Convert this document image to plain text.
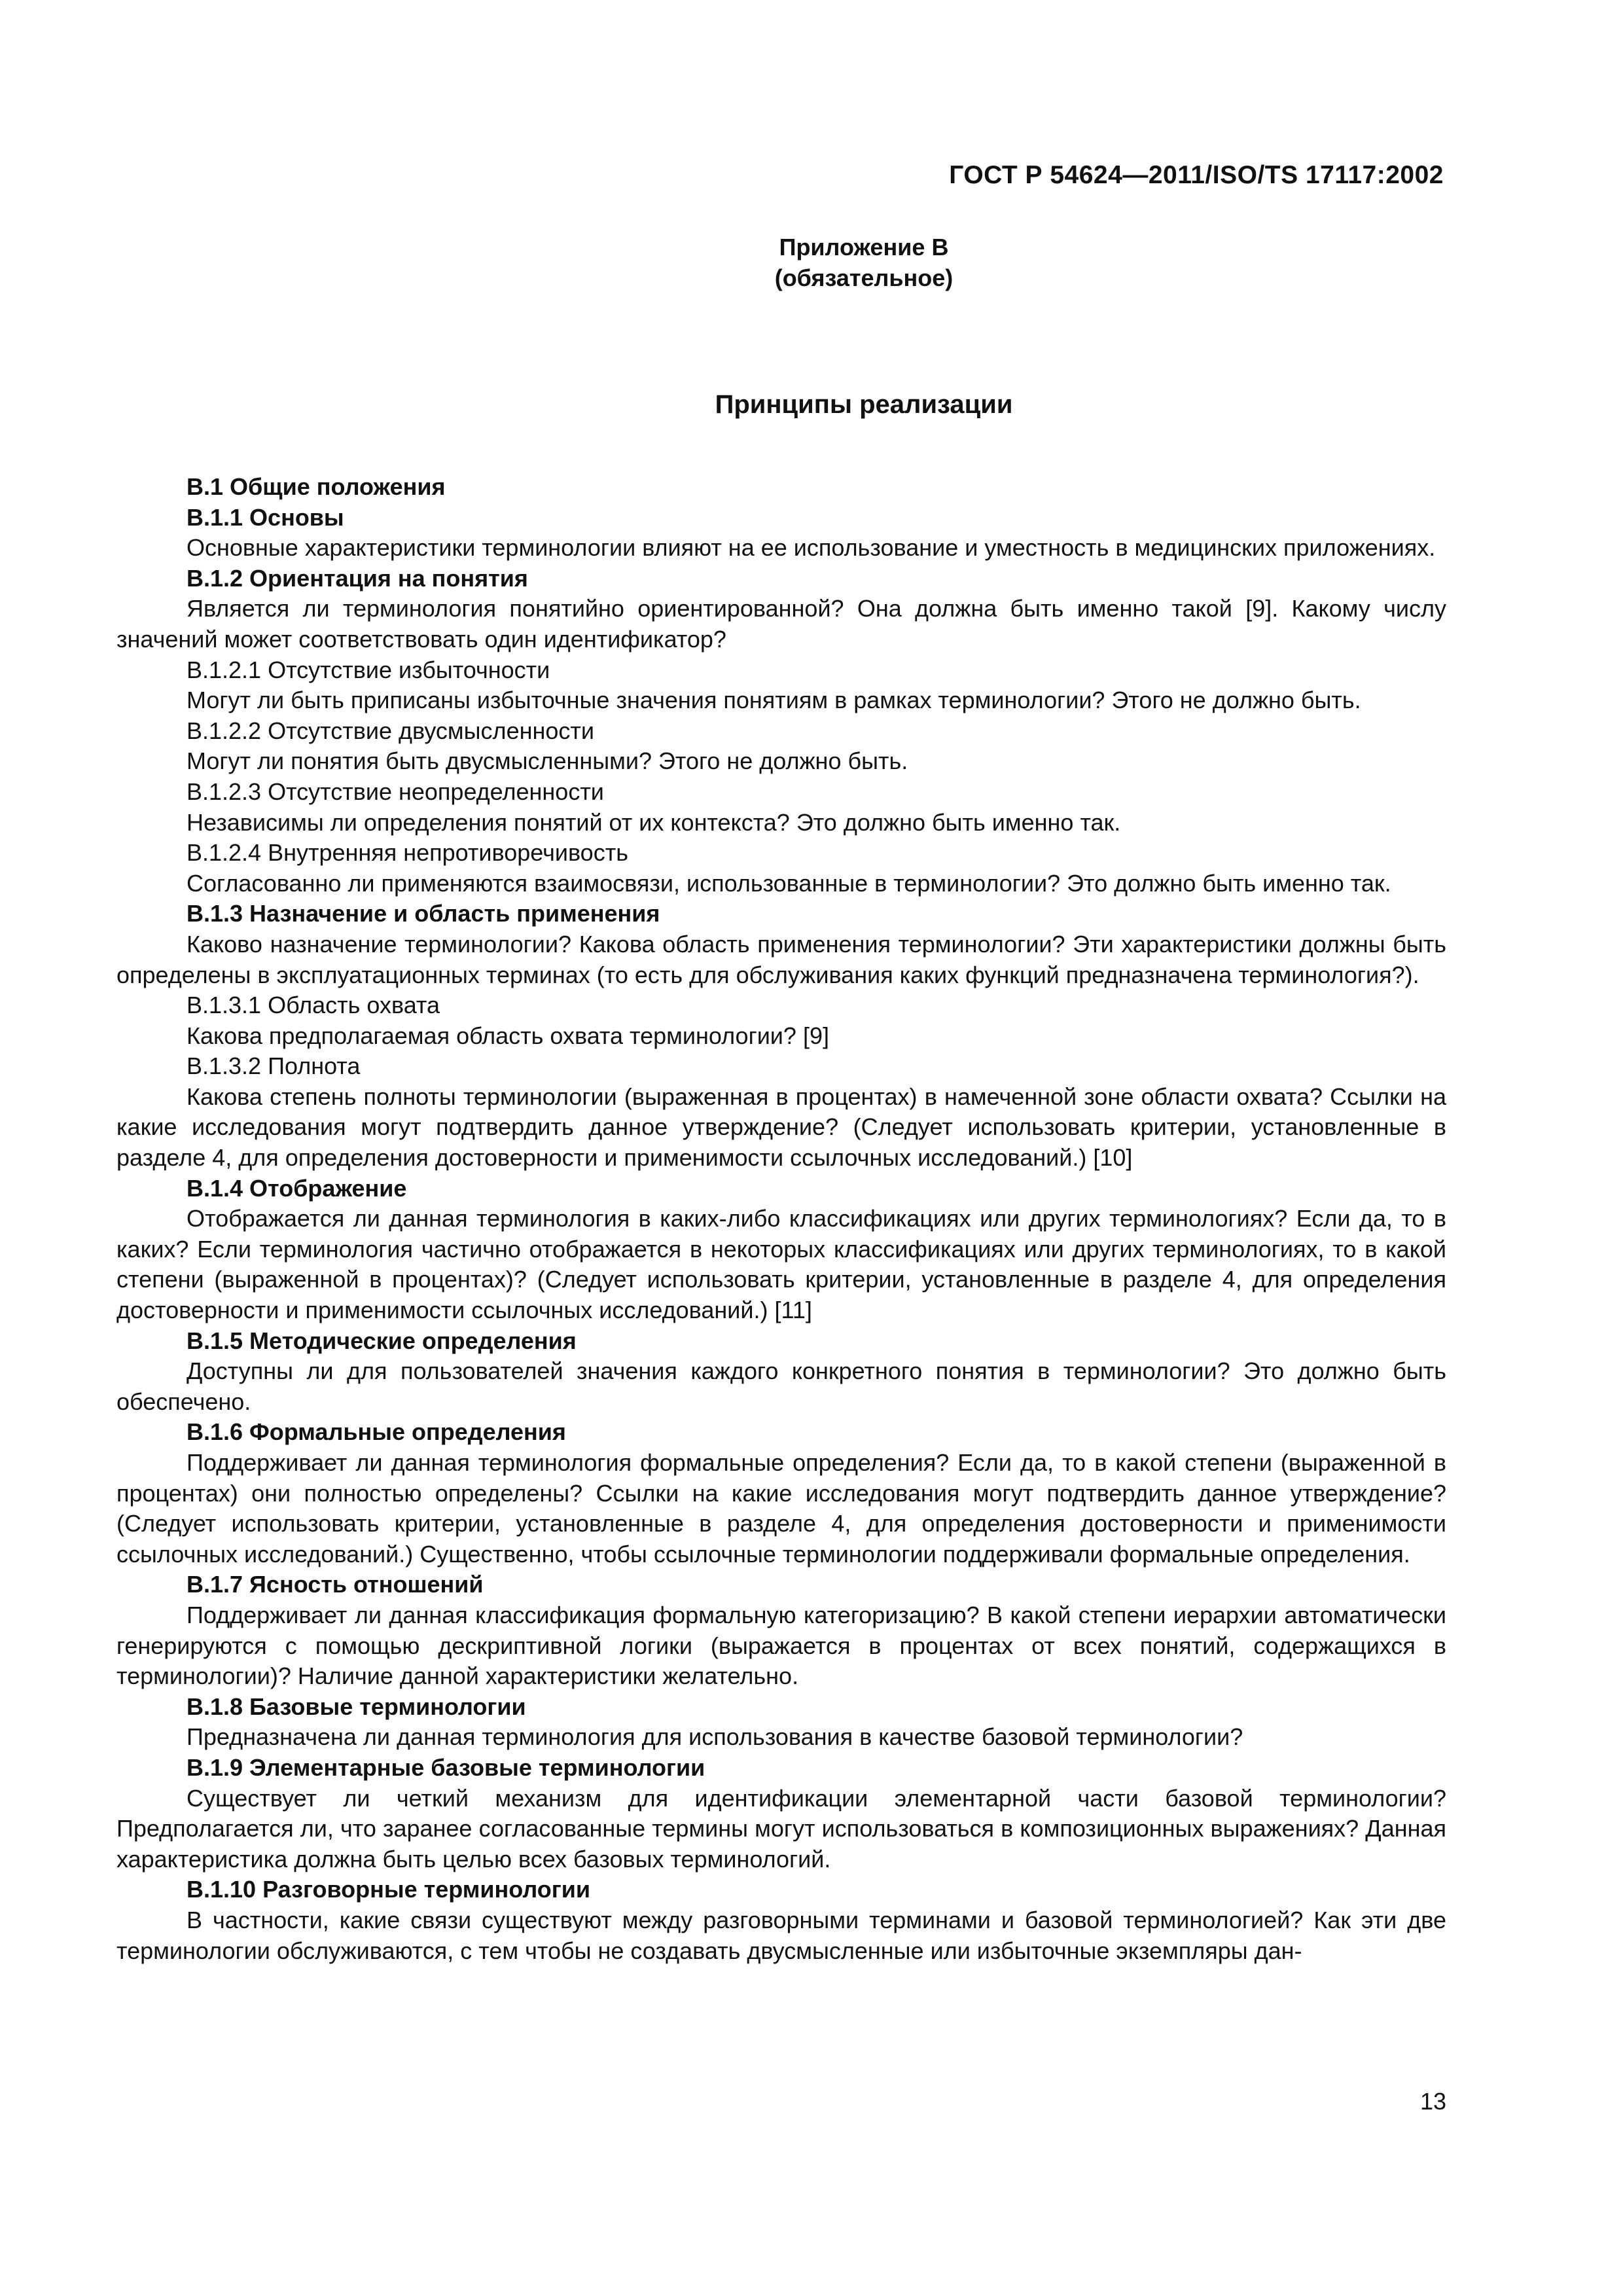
ГОСТ Р 54624—2011/ISO/TS 17117:2002
Приложение В
(обязательное)
Принципы реализации

В.1 Общие положения

В.1.1 Основы

Основные характеристики терминологии влияют на ее использование и уместность в медицинских приложениях.

В.1.2 Ориентация на понятия

Является ли терминология понятийно ориентированной? Она должна быть именно такой [9]. Какому числу значений может соответствовать один идентификатор?

В.1.2.1 Отсутствие избыточности

Могут ли быть приписаны избыточные значения понятиям в рамках терминологии? Этого не должно быть.

В.1.2.2 Отсутствие двусмысленности

Могут ли понятия быть двусмысленными? Этого не должно быть.

В.1.2.3 Отсутствие неопределенности

Независимы ли определения понятий от их контекста? Это должно быть именно так.

В.1.2.4 Внутренняя непротиворечивость

Согласованно ли применяются взаимосвязи, использованные в терминологии? Это должно быть именно так.

В.1.3 Назначение и область применения

Каково назначение терминологии? Какова область применения терминологии? Эти характеристики должны быть определены в эксплуатационных терминах (то есть для обслуживания каких функций предназначена терминология?).

В.1.3.1 Область охвата

Какова предполагаемая область охвата терминологии? [9]

В.1.3.2 Полнота

Какова степень полноты терминологии (выраженная в процентах) в намеченной зоне области охвата? Ссылки на какие исследования могут подтвердить данное утверждение? (Следует использовать критерии, установленные в разделе 4, для определения достоверности и применимости ссылочных исследований.) [10]

В.1.4 Отображение

Отображается ли данная терминология в каких-либо классификациях или других терминологиях? Если да, то в каких? Если терминология частично отображается в некоторых классификациях или других терминологиях, то в какой степени (выраженной в процентах)? (Следует использовать критерии, установленные в разделе 4, для определения достоверности и применимости ссылочных исследований.) [11]

В.1.5 Методические определения

Доступны ли для пользователей значения каждого конкретного понятия в терминологии? Это должно быть обеспечено.

В.1.6 Формальные определения

Поддерживает ли данная терминология формальные определения? Если да, то в какой степени (выраженной в процентах) они полностью определены? Ссылки на какие исследования могут подтвердить данное утверждение? (Следует использовать критерии, установленные в разделе 4, для определения достоверности и применимости ссылочных исследований.) Существенно, чтобы ссылочные терминологии поддерживали формальные определения.

В.1.7 Ясность отношений

Поддерживает ли данная классификация формальную категоризацию? В какой степени иерархии автоматически генерируются с помощью дескриптивной логики (выражается в процентах от всех понятий, содержащихся в терминологии)? Наличие данной характеристики желательно.

В.1.8 Базовые терминологии

Предназначена ли данная терминология для использования в качестве базовой терминологии?

В.1.9 Элементарные базовые терминологии

Существует ли четкий механизм для идентификации элементарной части базовой терминологии? Предполагается ли, что заранее согласованные термины могут использоваться в композиционных выражениях? Данная характеристика должна быть целью всех базовых терминологий.

В.1.10 Разговорные терминологии

В частности, какие связи существуют между разговорными терминами и базовой терминологией? Как эти две терминологии обслуживаются, с тем чтобы не создавать двусмысленные или избыточные экземпляры дан-

13
